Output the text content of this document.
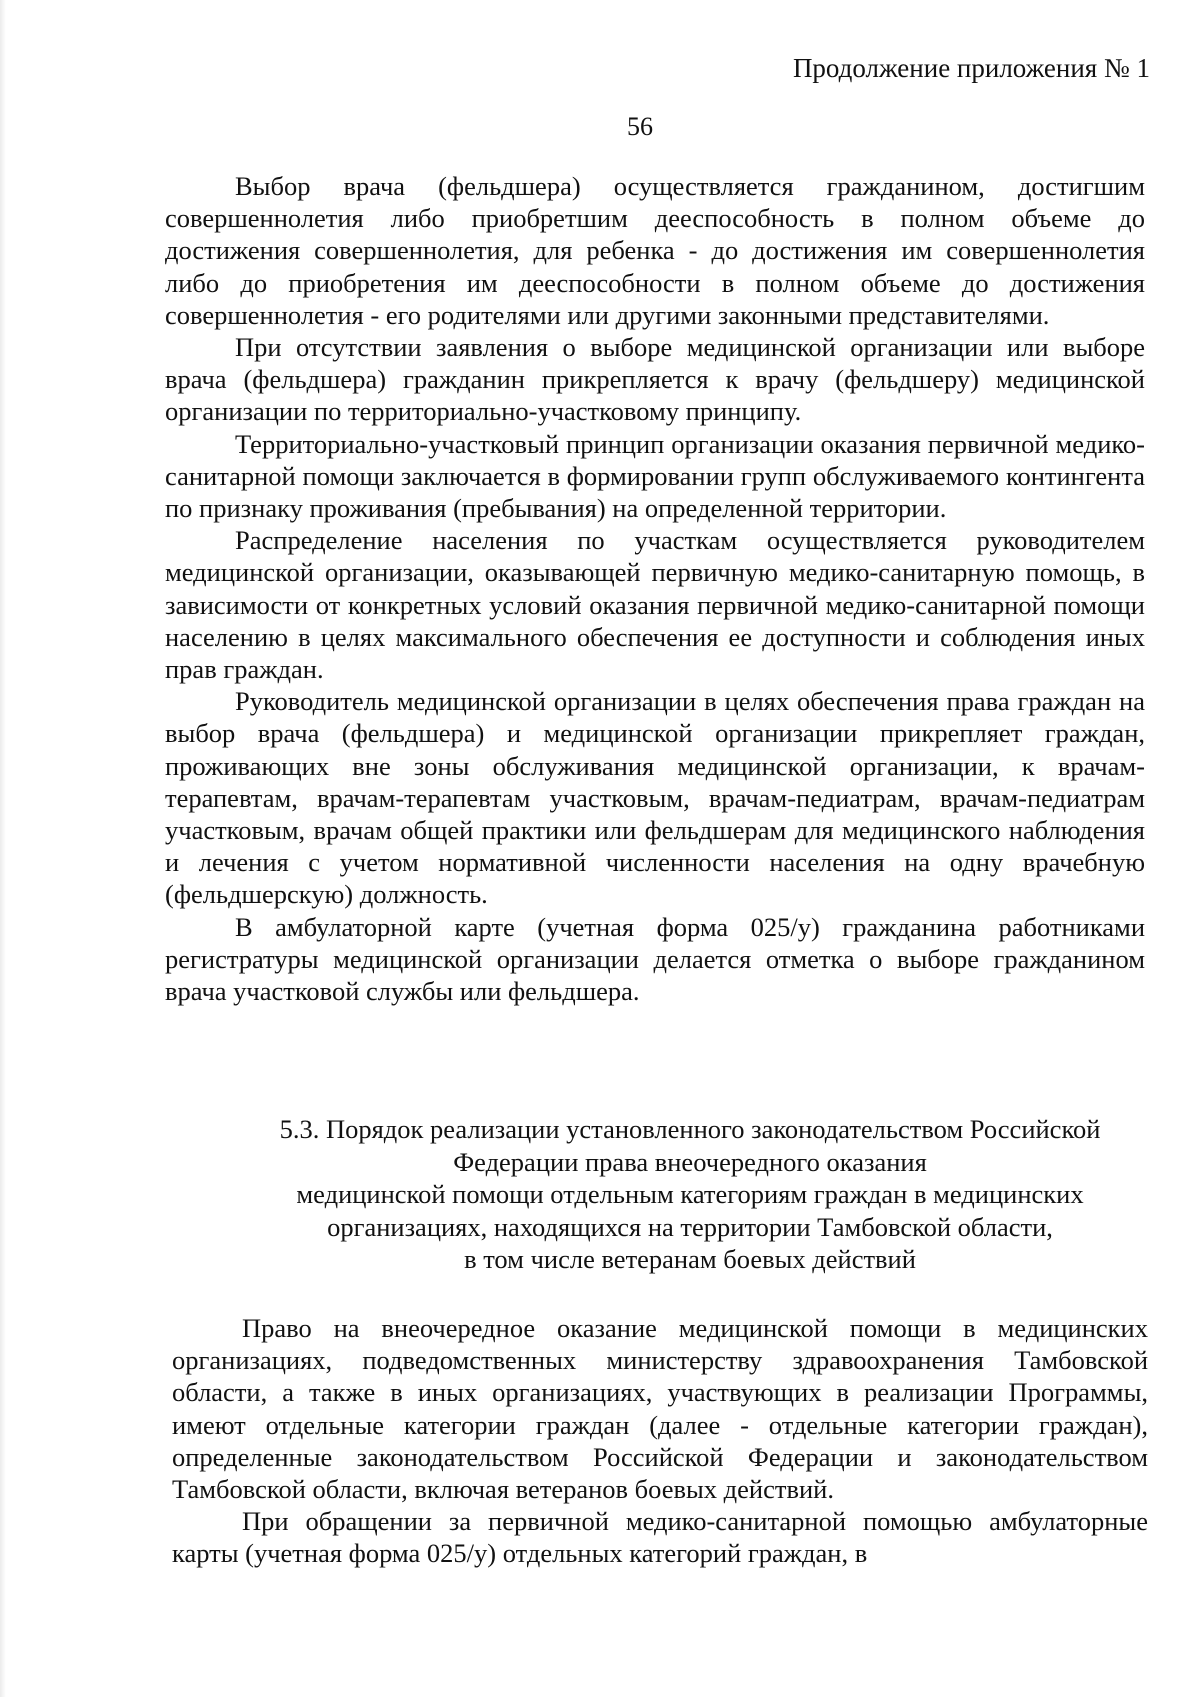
Продолжение приложения № 1
56

Выбор врача (фельдшера) осуществляется гражданином, достигшим совершеннолетия либо приобретшим дееспособность в полном объеме до достижения совершеннолетия, для ребенка - до достижения им совершеннолетия либо до приобретения им дееспособности в полном объеме до достижения совершеннолетия - его родителями или другими законными представителями.

При отсутствии заявления о выборе медицинской организации или выборе врача (фельдшера) гражданин прикрепляется к врачу (фельдшеру) медицинской организации по территориально-участковому принципу.

Территориально-участковый принцип организации оказания первичной медико-санитарной помощи заключается в формировании групп обслуживаемого контингента по признаку проживания (пребывания) на определенной территории.

Распределение населения по участкам осуществляется руководителем медицинской организации, оказывающей первичную медико-санитарную помощь, в зависимости от конкретных условий оказания первичной медико-санитарной помощи населению в целях максимального обеспечения ее доступности и соблюдения иных прав граждан.

Руководитель медицинской организации в целях обеспечения права граждан на выбор врача (фельдшера) и медицинской организации прикрепляет граждан, проживающих вне зоны обслуживания медицинской организации, к врачам-терапевтам, врачам-терапевтам участковым, врачам-педиатрам, врачам-педиатрам участковым, врачам общей практики или фельдшерам для медицинского наблюдения и лечения с учетом нормативной численности населения на одну врачебную (фельдшерскую) должность.

В амбулаторной карте (учетная форма 025/у) гражданина работниками регистратуры медицинской организации делается отметка о выборе гражданином врача участковой службы или фельдшера.

5.3. Порядок реализации установленного законодательством Российской
Федерации права внеочередного оказания
медицинской помощи отдельным категориям граждан в медицинских
организациях, находящихся на территории Тамбовской области,
в том числе ветеранам боевых действий

Право на внеочередное оказание медицинской помощи в медицинских организациях, подведомственных министерству здравоохранения Тамбовской области, а также в иных организациях, участвующих в реализации Программы, имеют отдельные категории граждан (далее - отдельные категории граждан), определенные законодательством Российской Федерации и законодательством Тамбовской области, включая ветеранов боевых действий.

При обращении за первичной медико-санитарной помощью амбулаторные карты (учетная форма 025/у) отдельных категорий граждан, в
